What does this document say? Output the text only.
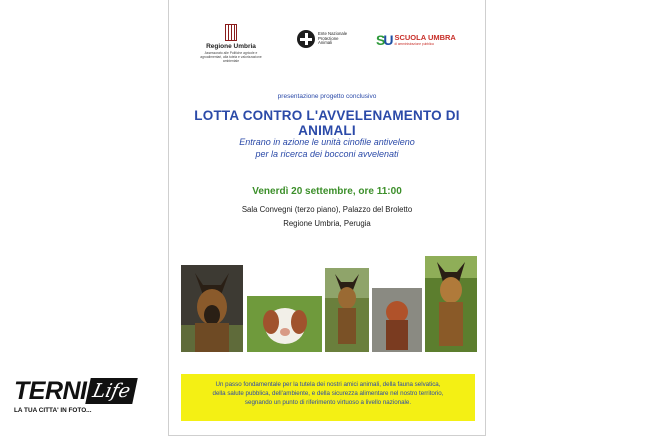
Regione Umbria
Assessorato alle Politiche agricole e agroalimentari, alla tutela e valorizzazione ambientale
Ente Nazionale Protezione Animali	SU SCUOLA UMBRA
di amministrazione pubblica
presentazione progetto conclusivo
LOTTA CONTRO L'AVVELENAMENTO DI ANIMALI
Entrano in azione le unità cinofile antiveleno
per la ricerca dei bocconi avvelenati
Venerdì 20 settembre, ore 11:00
Sala Convegni (terzo piano), Palazzo del Broletto
Regione Umbria, Perugia
Un passo fondamentale per la tutela dei nostri amici animali, della fauna selvatica,
della salute pubblica, dell'ambiente, e della sicurezza alimentare nel nostro territorio,
segnando un punto di riferimento virtuoso a livello nazionale.
TERNI Life
LA TUA CITTA' IN FOTO...
